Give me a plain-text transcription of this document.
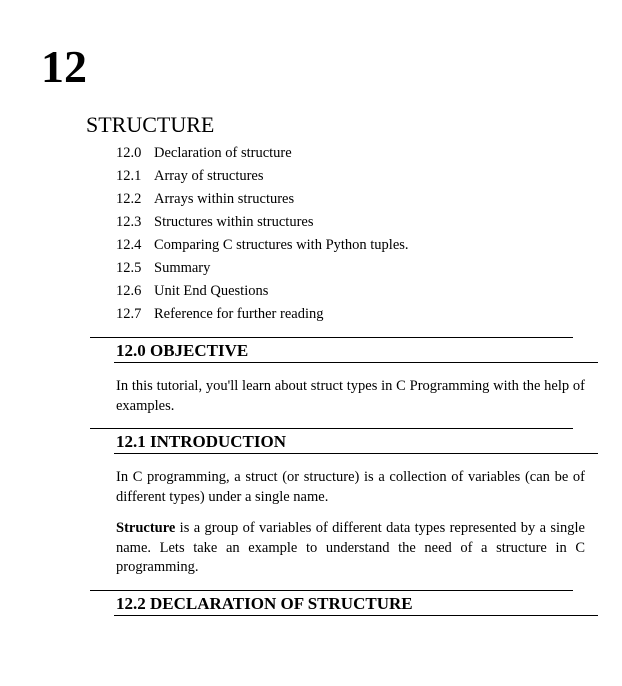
12
STRUCTURE
12.0 Declaration of structure
12.1 Array of structures
12.2 Arrays within structures
12.3 Structures within structures
12.4 Comparing C structures with Python tuples.
12.5 Summary
12.6 Unit End Questions
12.7 Reference for further reading
12.0 OBJECTIVE

In this tutorial, you'll learn about struct types in C Programming with the help of examples.

12.1 INTRODUCTION

In C programming, a struct (or structure) is a collection of variables (can be of different types) under a single name.

Structure is a group of variables of different data types represented by a single name. Lets take an example to understand the need of a structure in C programming.

12.2 DECLARATION OF STRUCTURE
